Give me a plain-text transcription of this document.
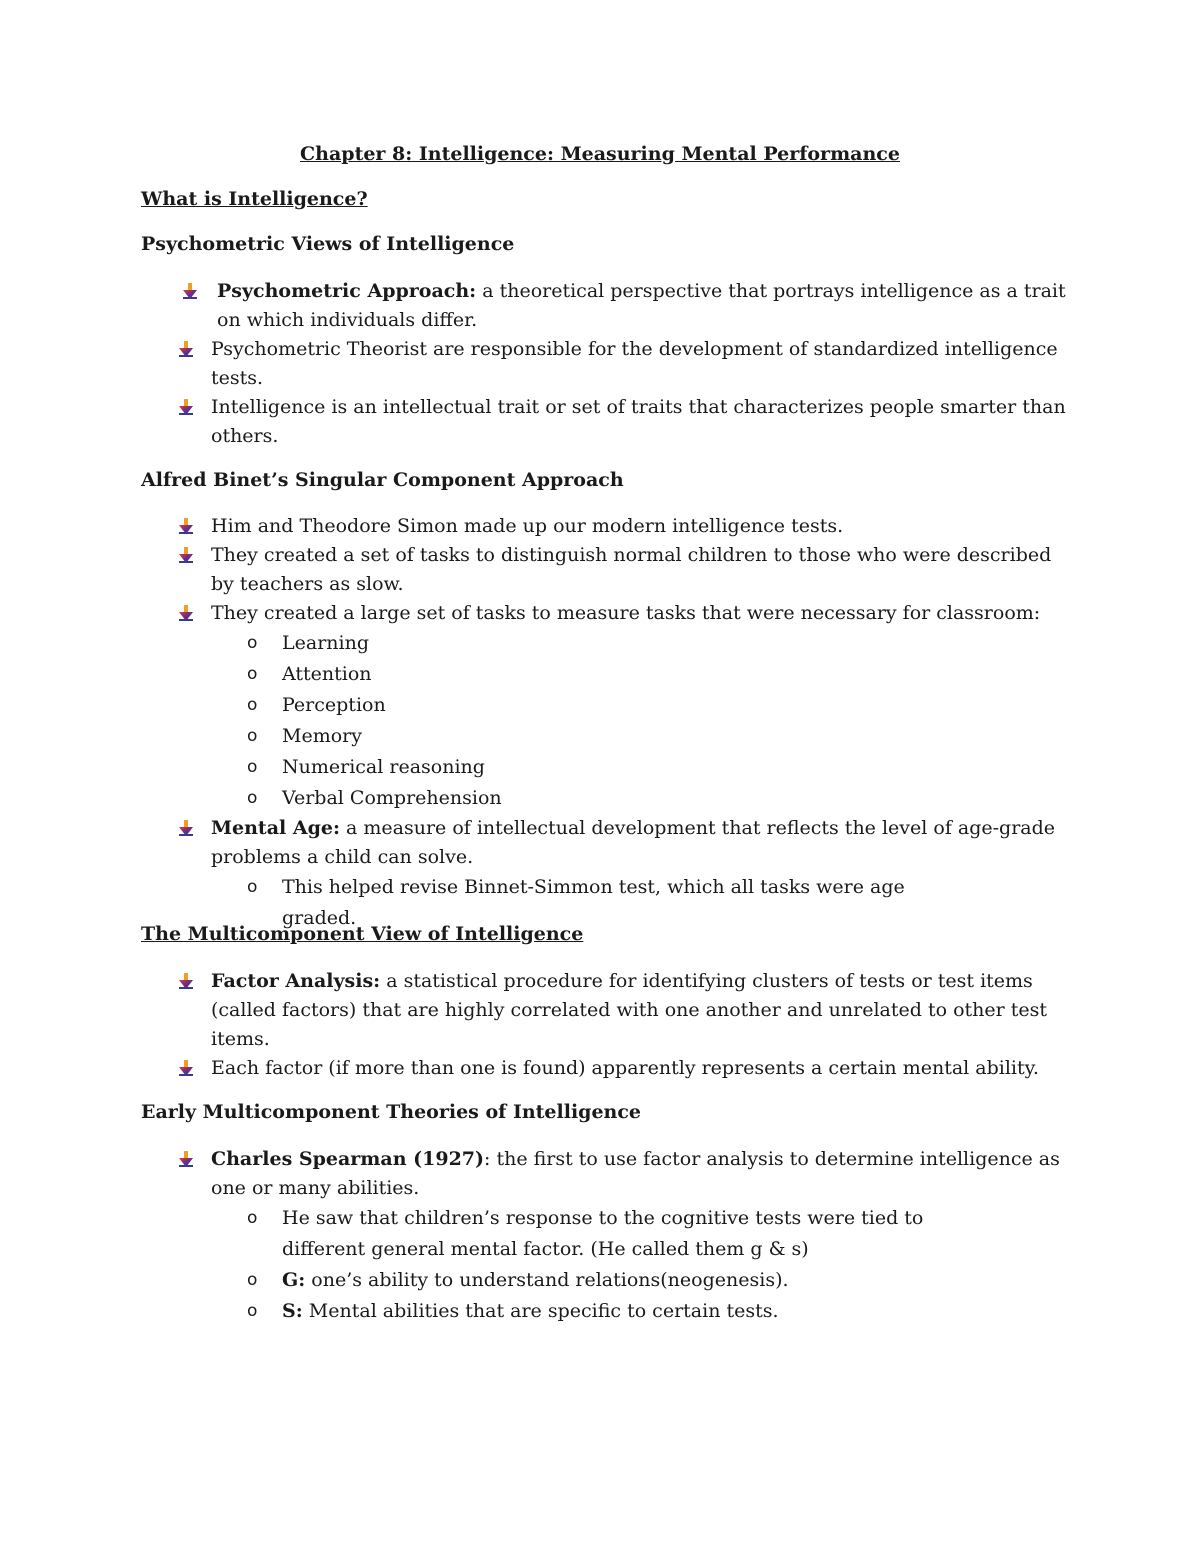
Chapter 8: Intelligence: Measuring Mental Performance
What is Intelligence?
Psychometric Views of Intelligence
Psychometric Approach: a theoretical perspective that portrays intelligence as a trait on which individuals differ.
Psychometric Theorist are responsible for the development of standardized intelligence tests.
Intelligence is an intellectual trait or set of traits that characterizes people smarter than others.
Alfred Binet’s Singular Component Approach
Him and Theodore Simon made up our modern intelligence tests.
They created a set of tasks to distinguish normal children to those who were described by teachers as slow.
They created a large set of tasks to measure tasks that were necessary for classroom:
o Learning
o Attention
o Perception
o Memory
o Numerical reasoning
o Verbal Comprehension
Mental Age: a measure of intellectual development that reflects the level of age-grade problems a child can solve.
o This helped revise Binnet-Simmon test, which all tasks were age graded.
The Multicomponent View of Intelligence
Factor Analysis: a statistical procedure for identifying clusters of tests or test items (called factors) that are highly correlated with one another and unrelated to other test items.
Each factor (if more than one is found) apparently represents a certain mental ability.
Early Multicomponent Theories of Intelligence
Charles Spearman (1927): the first to use factor analysis to determine intelligence as one or many abilities.
o He saw that children’s response to the cognitive tests were tied to different general mental factor. (He called them g & s)
o G: one’s ability to understand relations(neogenesis).
o S: Mental abilities that are specific to certain tests.
